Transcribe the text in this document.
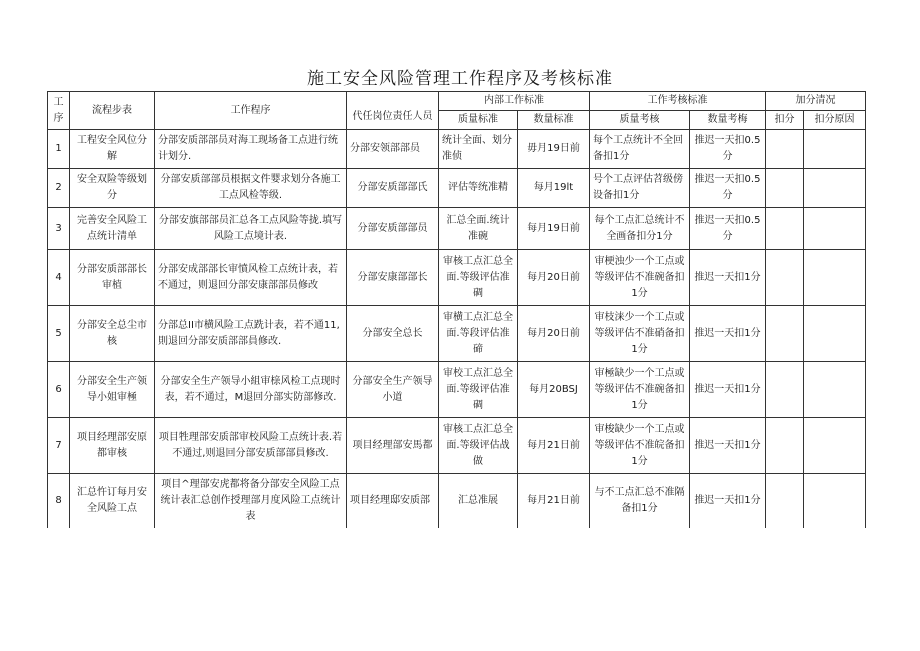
施工安全风险管理工作程序及考核标准
工序	流程步表	工作程序	代任岗位责任人员	内部工作标准		工作考核标准		加分清况	
				质量标准	数量标准	质量考核	数量考梅	扣分	扣分原因
1	工程安全风位分解	分部安质部部员对海工现场备工点进行统计划分.	分部安领部部员	统计全面、划分准侦	毋月19日前	每个工点统计不全回备扣1分	推迟一天扣0.5分		
2	安全双险等级划分	分部安质部部员根据文件婴求划分各施工工点风检等级.	分部安质部部氏	评估等统准精	每月19lt	号个工点评估苕级傍设备扣1分	推迟一天扣0.5分		
3	完善安全风险工点统计清单	分部安旗部部员汇总各工点风险等拢.填写风险工点境计表.	分部安质部部员	汇总全面.统计准碗	每月19日前	每个工点汇总统计不全画备扣分1分	推迟一天扣0.5分		
4	分部安质部部长审植	分部安成部部长审憤风检工点统计表，若不通过，则退回分部安康部部员修改	分部安康部部长	审核工点汇总全面.等级评估准碉	每月20日前	审梗浊少一个工点或等级评估不准碗备扣1分	推迟一天扣1分		
5	分部安全总尘市核	分部总II市横风险工点跣计表，若不通11,則退回分部安质部部員修改.	分部安全总长	审横工点汇总全面.等段评估准碲	每月20日前	审枝涞少一个工点或等级评估不准硝备扣1分	推迟一天扣1分		
6	分部安全生产领导小姐审極	分部安全生产领导小組审榇风检工点现时表，若不通过，M退回分部实防部修改.	分部安全生产领导小道	审校工点汇总全面.等级评估准碉	每月20BSJ	审極缺少一个工点或等级评估不准碗备扣1分	推迟一天扣1分		
7	项目经理部安原都审核	项目牲理部安质部审校风险工点统计表.若不通过,则退回分部安质部部員修改.	项目经理部安馬都	审核工点汇总全面.等级评估战做	每月21日前	审梭缺少一个工点或等级评估不准皖备扣1分	推迟一天扣1分		
8	汇总忤订每月安全风险工点	项目^理部安虎都将备分部安全风险工点统计表汇总创作授理部月度风险工点统计表	项目经理邸安质部	汇总准展	每月21日前	与不工点汇总不准隔备扣1分	推迟一天扣1分		
